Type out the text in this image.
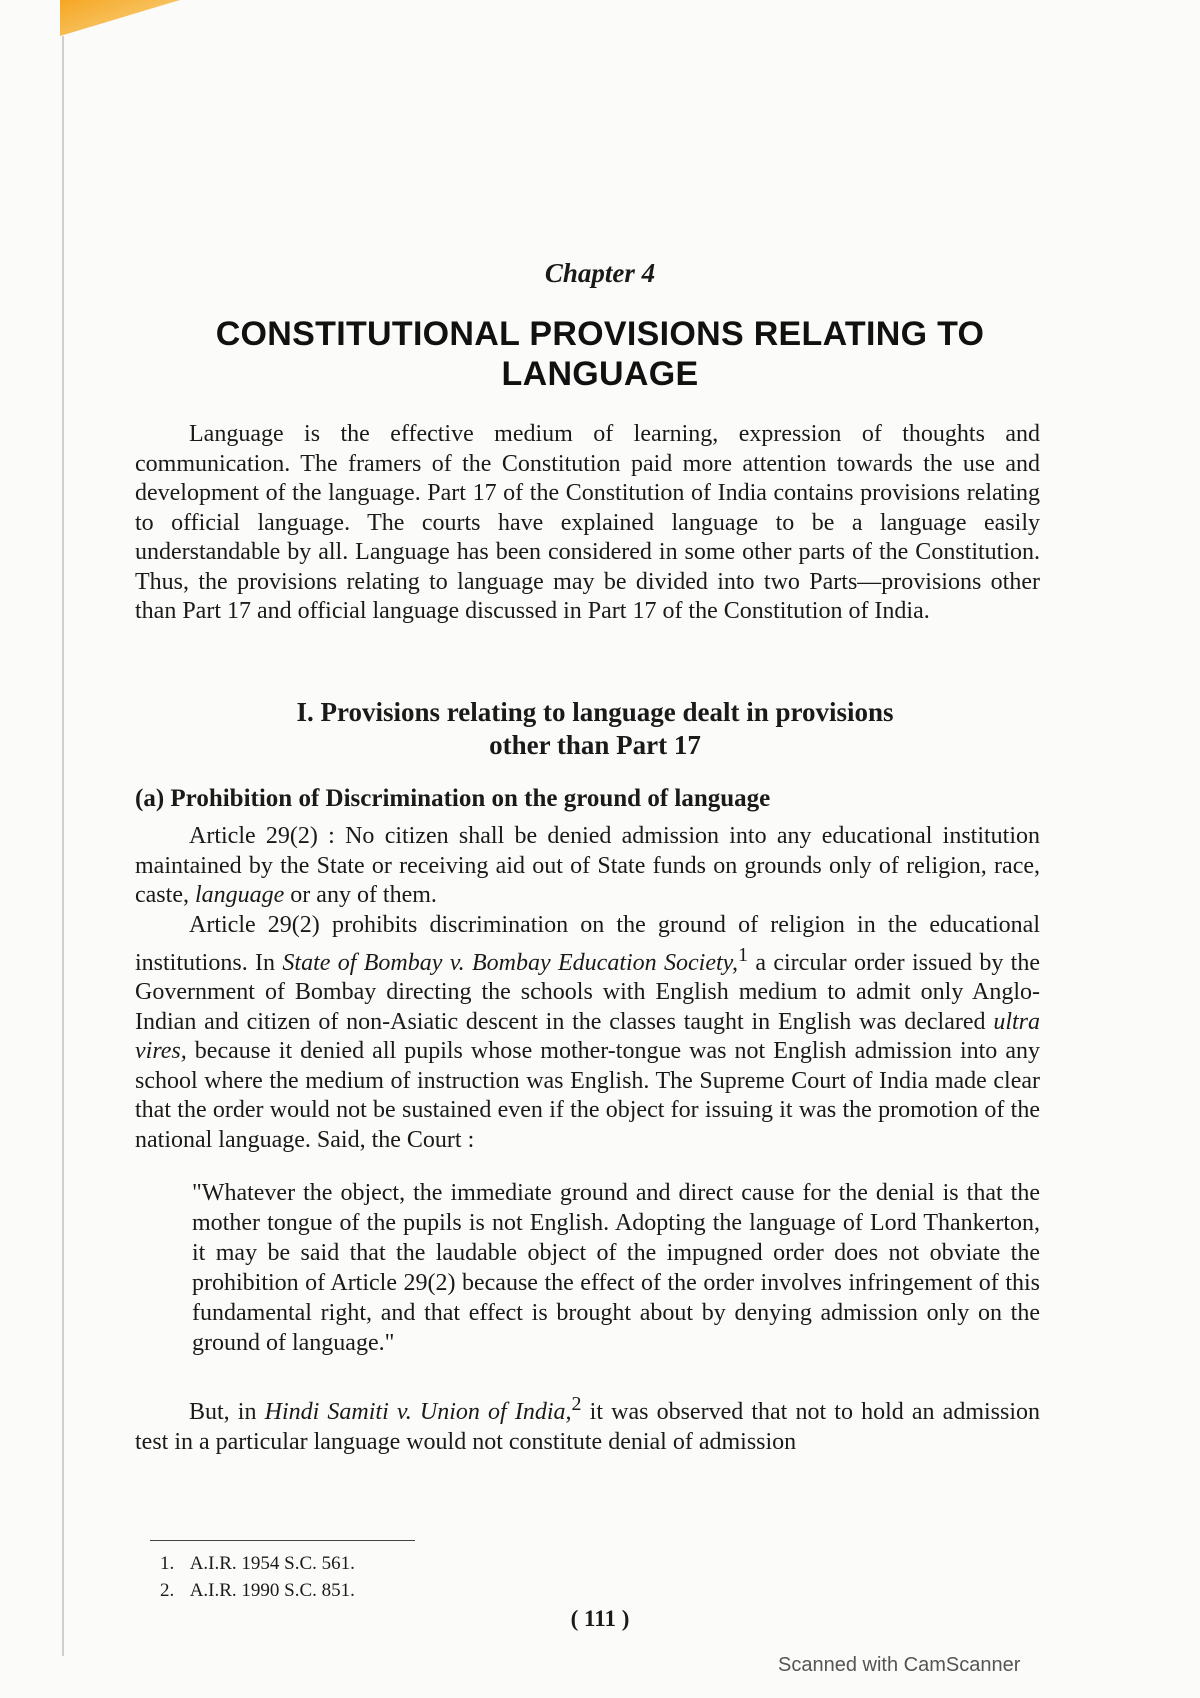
Chapter 4
CONSTITUTIONAL PROVISIONS RELATING TO
LANGUAGE

Language is the effective medium of learning, expression of thoughts and communication. The framers of the Constitution paid more attention towards the use and development of the language. Part 17 of the Constitution of India contains provisions relating to official language. The courts have explained language to be a language easily understandable by all. Language has been considered in some other parts of the Constitution. Thus, the provisions relating to language may be divided into two Parts—provisions other than Part 17 and official language discussed in Part 17 of the Constitution of India.

I. Provisions relating to language dealt in provisions
other than Part 17
(a) Prohibition of Discrimination on the ground of language

Article 29(2) : No citizen shall be denied admission into any educational institution maintained by the State or receiving aid out of State funds on grounds only of religion, race, caste, language or any of them.

Article 29(2) prohibits discrimination on the ground of religion in the educational institutions. In State of Bombay v. Bombay Education Society,$^1$ a circular order issued by the Government of Bombay directing the schools with English medium to admit only Anglo-Indian and citizen of non-Asiatic descent in the classes taught in English was declared ultra vires, because it denied all pupils whose mother-tongue was not English admission into any school where the medium of instruction was English. The Supreme Court of India made clear that the order would not be sustained even if the object for issuing it was the promotion of the national language. Said, the Court :

"Whatever the object, the immediate ground and direct cause for the denial is that the mother tongue of the pupils is not English. Adopting the language of Lord Thankerton, it may be said that the laudable object of the impugned order does not obviate the prohibition of Article 29(2) because the effect of the order involves infringement of this fundamental right, and that effect is brought about by denying admission only on the ground of language."

But, in Hindi Samiti v. Union of India,$^2$ it was observed that not to hold an admission test in a particular language would not constitute denial of admission

1. A.I.R. 1954 S.C. 561.
2. A.I.R. 1990 S.C. 851.
( 111 )
Scanned with CamScanner
